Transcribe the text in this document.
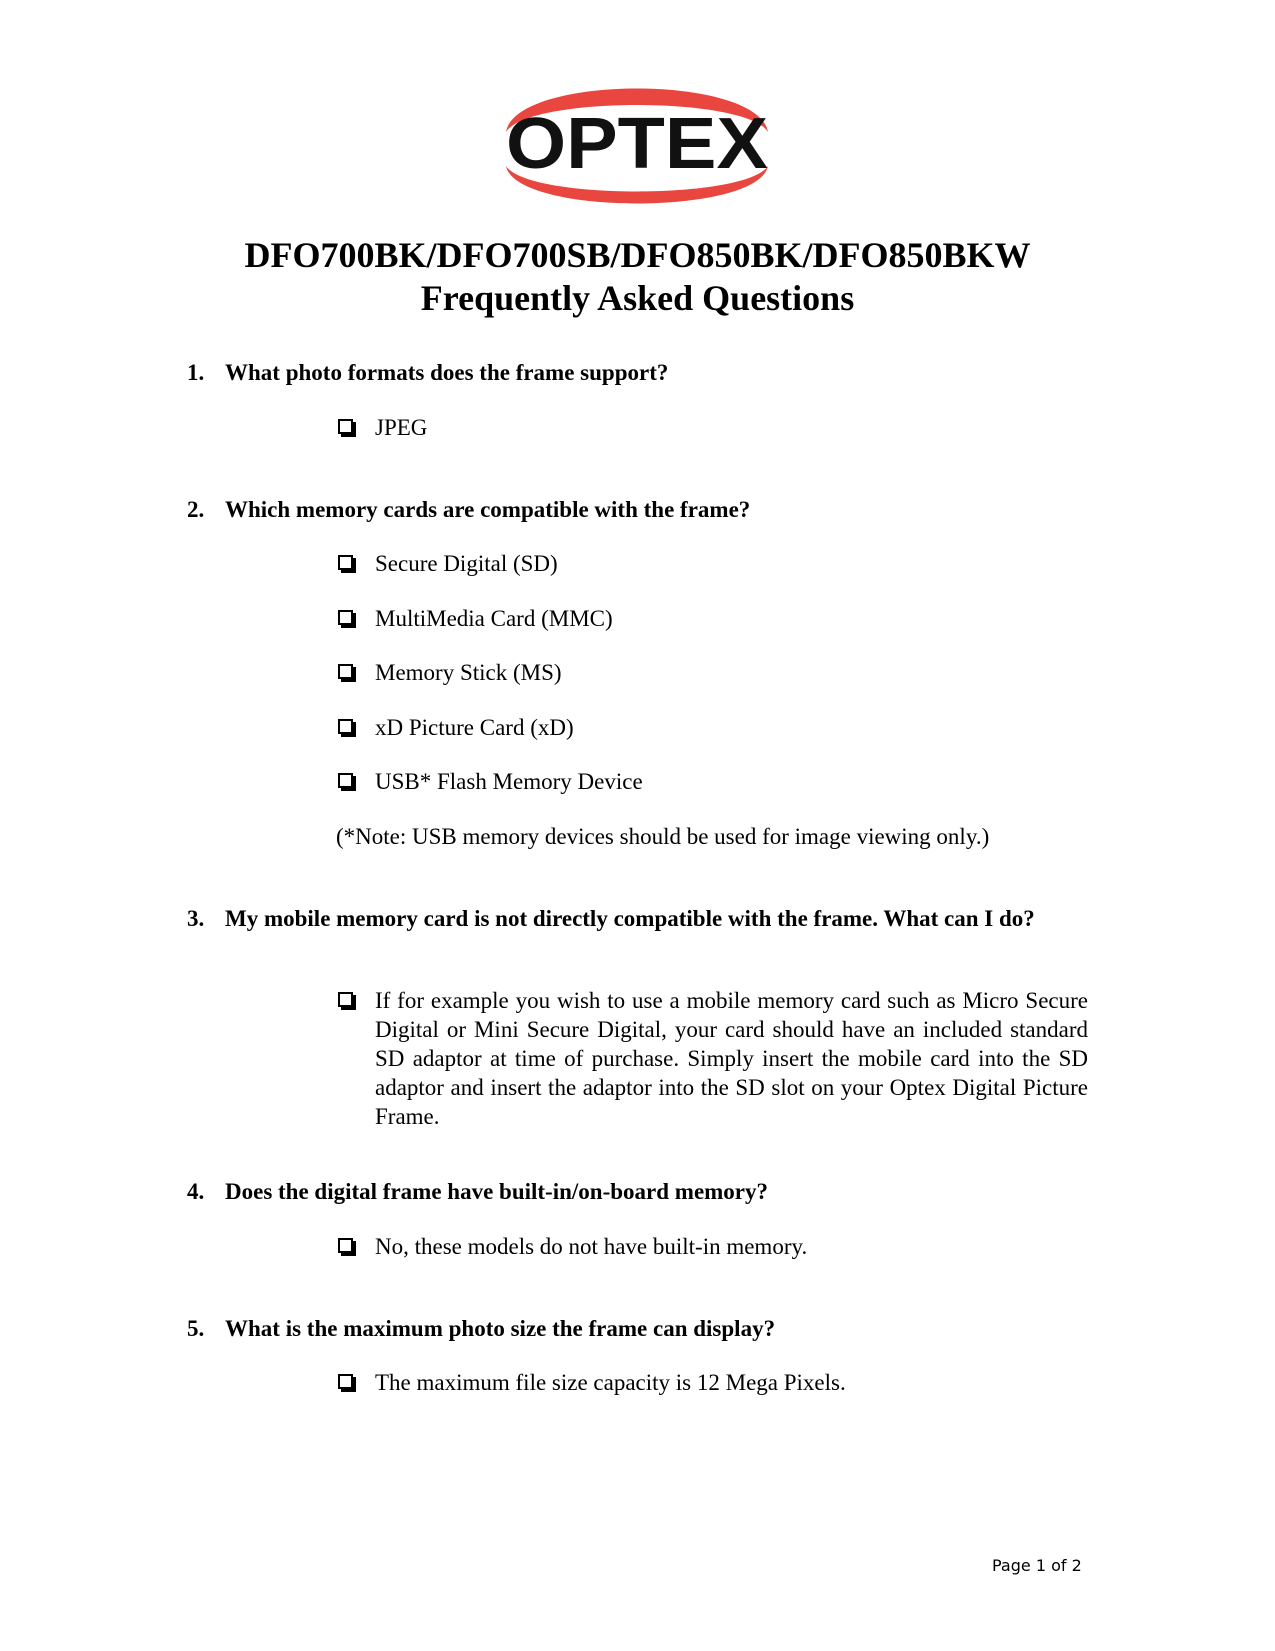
OPTEX
DFO700BK/DFO700SB/DFO850BK/DFO850BKW
Frequently Asked Questions
1. What photo formats does the frame support?
JPEG
2. Which memory cards are compatible with the frame?
Secure Digital (SD)
MultiMedia Card (MMC)
Memory Stick (MS)
xD Picture Card (xD)
USB* Flash Memory Device
(*Note: USB memory devices should be used for image viewing only.)
3. My mobile memory card is not directly compatible with the frame. What can I do?
If for example you wish to use a mobile memory card such as Micro Secure Digital or Mini Secure Digital, your card should have an included standard SD adaptor at time of purchase. Simply insert the mobile card into the SD adaptor and insert the adaptor into the SD slot on your Optex Digital Picture Frame.
4. Does the digital frame have built-in/on-board memory?
No, these models do not have built-in memory.
5. What is the maximum photo size the frame can display?
The maximum file size capacity is 12 Mega Pixels.
Page 1 of 2
